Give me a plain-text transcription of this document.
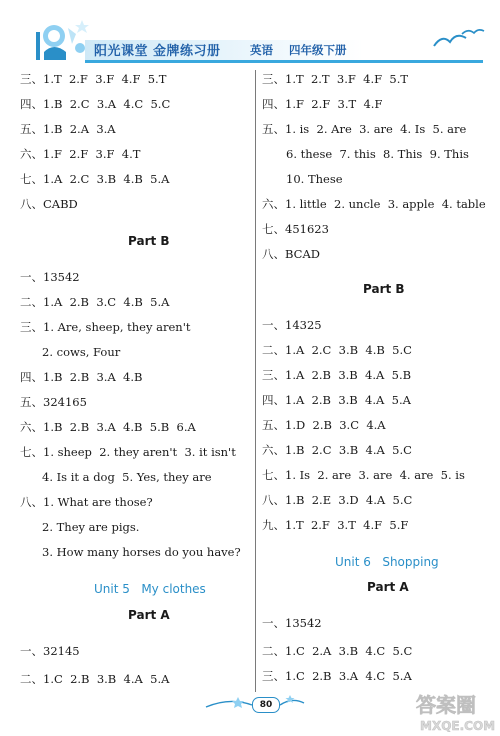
阳光课堂 金牌练习册	英语 四年级下册
三、1.T  2.F  3.F  4.F  5.T
四、1.B  2.C  3.A  4.C  5.C
五、1.B  2.A  3.A
六、1.F  2.F  3.F  4.T
七、1.A  2.C  3.B  4.B  5.A
八、CABD
Part B
一、13542
二、1.A  2.B  3.C  4.B  5.A
三、1. Are, sheep, they aren't
2. cows, Four
四、1.B  2.B  3.A  4.B
五、324165
六、1.B  2.B  3.A  4.B  5.B  6.A
七、1. sheep  2. they aren't  3. it isn't
4. Is it a dog  5. Yes, they are
八、1. What are those?
2. They are pigs.
3. How many horses do you have?
Unit 5   My clothes
Part A
一、32145
二、1.C  2.B  3.B  4.A  5.A
三、1.T  2.T  3.F  4.F  5.T
四、1.F  2.F  3.T  4.F
五、1. is  2. Are  3. are  4. Is  5. are
6. these  7. this  8. This  9. This
10. These
六、1. little  2. uncle  3. apple  4. table
七、451623
八、BCAD
Part B
一、14325
二、1.A  2.C  3.B  4.B  5.C
三、1.A  2.B  3.B  4.A  5.B
四、1.A  2.B  3.B  4.A  5.A
五、1.D  2.B  3.C  4.A
六、1.B  2.C  3.B  4.A  5.C
七、1. Is  2. are  3. are  4. are  5. is
八、1.B  2.E  3.D  4.A  5.C
九、1.T  2.F  3.T  4.F  5.F
Unit 6   Shopping
Part A
一、13542
二、1.C  2.A  3.B  4.C  5.C
三、1.C  2.B  3.A  4.C  5.A
80	答案圈
MXQE.COM
